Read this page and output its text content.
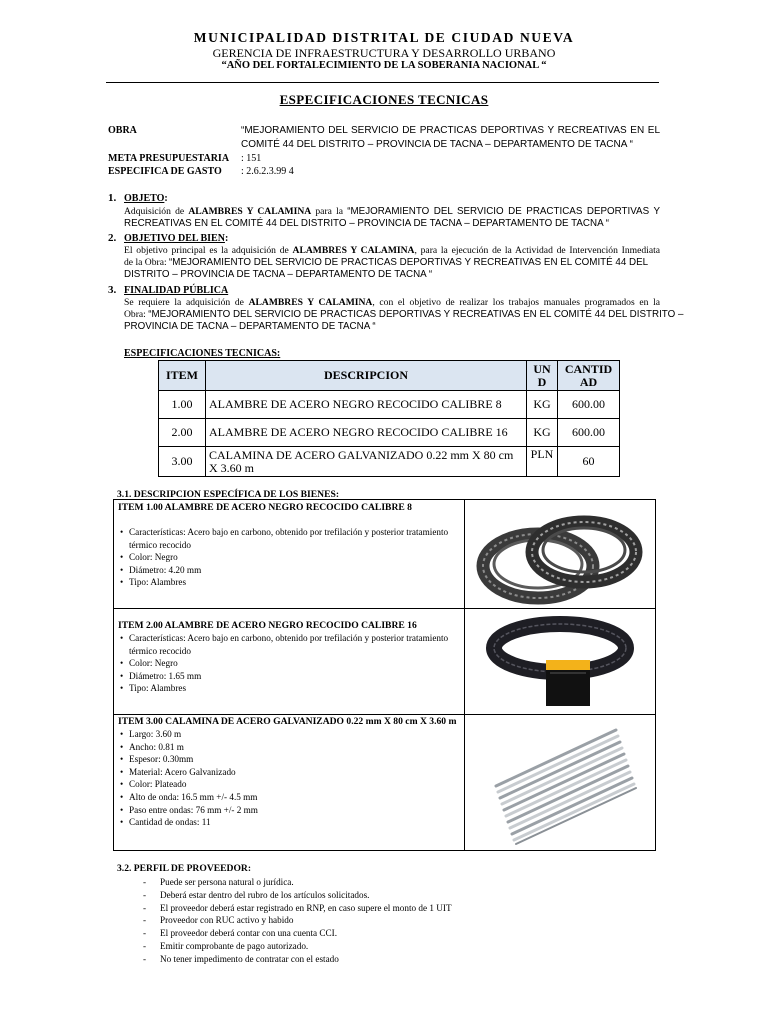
MUNICIPALIDAD DISTRITAL DE CIUDAD NUEVA
GERENCIA DE INFRAESTRUCTURA Y DESARROLLO URBANO
“AÑO DEL FORTALECIMIENTO DE LA SOBERANIA NACIONAL “
ESPECIFICACIONES TECNICAS
OBRA	“MEJORAMIENTO DEL SERVICIO DE PRACTICAS DEPORTIVAS Y RECREATIVAS EN EL
COMITÉ 44 DEL DISTRITO – PROVINCIA DE TACNA – DEPARTAMENTO DE TACNA “
META PRESUPUESTARIA : 151
ESPECIFICA DE GASTO : 2.6.2.3.99 4
1. OBJETO:
Adquisición de ALAMBRES Y CALAMINA para la “MEJORAMIENTO DEL SERVICIO DE PRACTICAS DEPORTIVAS Y
RECREATIVAS EN EL COMITÉ 44 DEL DISTRITO – PROVINCIA DE TACNA – DEPARTAMENTO DE TACNA “
2. OBJETIVO DEL BIEN:
El objetivo principal es la adquisición de ALAMBRES Y CALAMINA, para la ejecución de la Actividad de Intervención Inmediata
de la Obra: “MEJORAMIENTO DEL SERVICIO DE PRACTICAS DEPORTIVAS Y RECREATIVAS EN EL COMITÉ 44 DEL
DISTRITO – PROVINCIA DE TACNA – DEPARTAMENTO DE TACNA “
3. FINALIDAD PÚBLICA
Se requiere la adquisición de ALAMBRES Y CALAMINA, con el objetivo de realizar los trabajos manuales programados en la
Obra: “MEJORAMIENTO DEL SERVICIO DE PRACTICAS DEPORTIVAS Y RECREATIVAS EN EL COMITÉ 44 DEL DISTRITO –
PROVINCIA DE TACNA – DEPARTAMENTO DE TACNA “
ESPECIFICACIONES TECNICAS:
ITEM	DESCRIPCION	UN D	CANTID AD
1.00	ALAMBRE DE ACERO NEGRO RECOCIDO CALIBRE 8	KG	600.00
2.00	ALAMBRE DE ACERO NEGRO RECOCIDO CALIBRE 16	KG	600.00
3.00	CALAMINA DE ACERO GALVANIZADO 0.22 mm X 80 cm X 3.60 m	PLN	60
3.1. DESCRIPCION ESPECÍFICA DE LOS BIENES:
ITEM 1.00 ALAMBRE DE ACERO NEGRO RECOCIDO CALIBRE 8
• Características: Acero bajo en carbono, obtenido por trefilación y posterior tratamiento térmico recocido
• Color: Negro
• Diámetro: 4.20 mm
• Tipo: Alambres
ITEM 2.00 ALAMBRE DE ACERO NEGRO RECOCIDO CALIBRE 16
• Características: Acero bajo en carbono, obtenido por trefilación y posterior tratamiento térmico recocido
• Color: Negro
• Diámetro: 1.65 mm
• Tipo: Alambres
ITEM 3.00 CALAMINA DE ACERO GALVANIZADO 0.22 mm X 80 cm X 3.60 m
• Largo: 3.60 m
• Ancho: 0.81 m
• Espesor: 0.30mm
• Material: Acero Galvanizado
• Color: Plateado
• Alto de onda: 16.5 mm +/- 4.5 mm
• Paso entre ondas: 76 mm +/- 2 mm
• Cantidad de ondas: 11
3.2. PERFIL DE PROVEEDOR:
- Puede ser persona natural o jurídica.
- Deberá estar dentro del rubro de los artículos solicitados.
- El proveedor deberá estar registrado en RNP, en caso supere el monto de 1 UIT
- Proveedor con RUC activo y habido
- El proveedor deberá contar con una cuenta CCI.
- Emitir comprobante de pago autorizado.
- No tener impedimento de contratar con el estado
